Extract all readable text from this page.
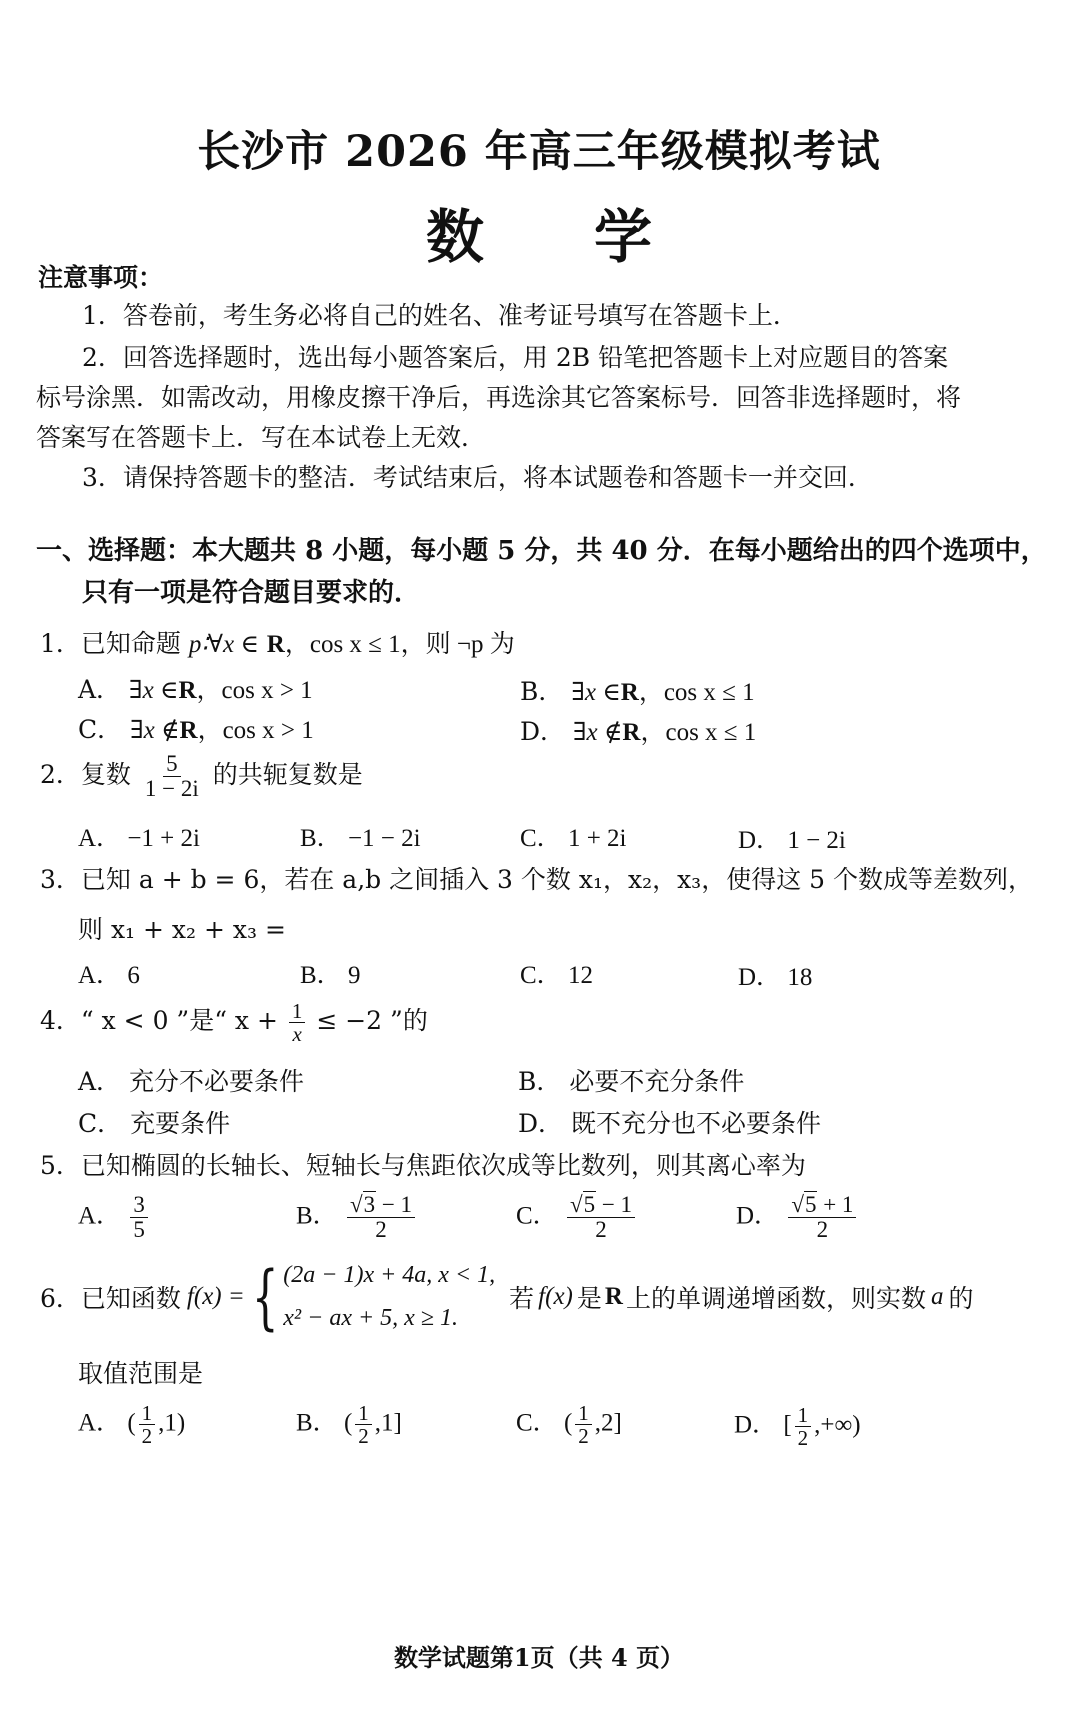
长沙市 2026 年高三年级模拟考试
数 学
注意事项：
1．答卷前，考生务必将自己的姓名、准考证号填写在答题卡上．
2．回答选择题时，选出每小题答案后，用 2B 铅笔把答题卡上对应题目的答案
标号涂黑．如需改动，用橡皮擦干净后，再选涂其它答案标号．回答非选择题时，将
答案写在答题卡上．写在本试卷上无效．
3．请保持答题卡的整洁．考试结束后，将本试题卷和答题卡一并交回．
一、选择题：本大题共 8 小题，每小题 5 分，共 40 分．在每小题给出的四个选项中，
只有一项是符合题目要求的．
1．已知命题 p∶∀x ∈ R，cos x ≤ 1，则 ¬p 为
A． ∃x ∈R，cos x > 1	B． ∃x ∈R，cos x ≤ 1
C． ∃x ∉R，cos x > 1	D． ∃x ∉R，cos x ≤ 1
2．复数 $\frac{5}{1 - 2i}$ 的共轭复数是
A． −1 + 2i	B． −1 − 2i	C． 1 + 2i	D． 1 − 2i
3．已知 a + b = 6，若在 a,b 之间插入 3 个数 x₁，x₂，x₃，使得这 5 个数成等差数列，
则 x₁ + x₂ + x₃ =
A． 6	B． 9	C． 12	D． 18
4．“ x < 0 ”是“ $x + \frac{1}{x} \le -2$ ”的
A． 充分不必要条件	B． 必要不充分条件
C． 充要条件	D． 既不充分也不必要条件
5．已知椭圆的长轴长、短轴长与焦距依次成等比数列，则其离心率为
A． $\frac{3}{5}$	B． $\frac{√3 - 1}{2}$	C． $\frac{√5 - 1}{2}$	D． $\frac{√5 + 1}{2}$
6． 已知函数 f(x) = { (2a − 1)x + 4a, x < 1,
x² − ax + 5, x ≥ 1.
若 f(x) 是 R 上的单调递增函数，则实数 a 的
取值范围是
A． ( $\frac{1}{2} ,1$)	B． ( $\frac{1}{2} ,1$]	C． ( $\frac{1}{2} ,2$]	D． [ $\frac{1}{2}$ ,+∞)
数学试题第1页（共 4 页）
